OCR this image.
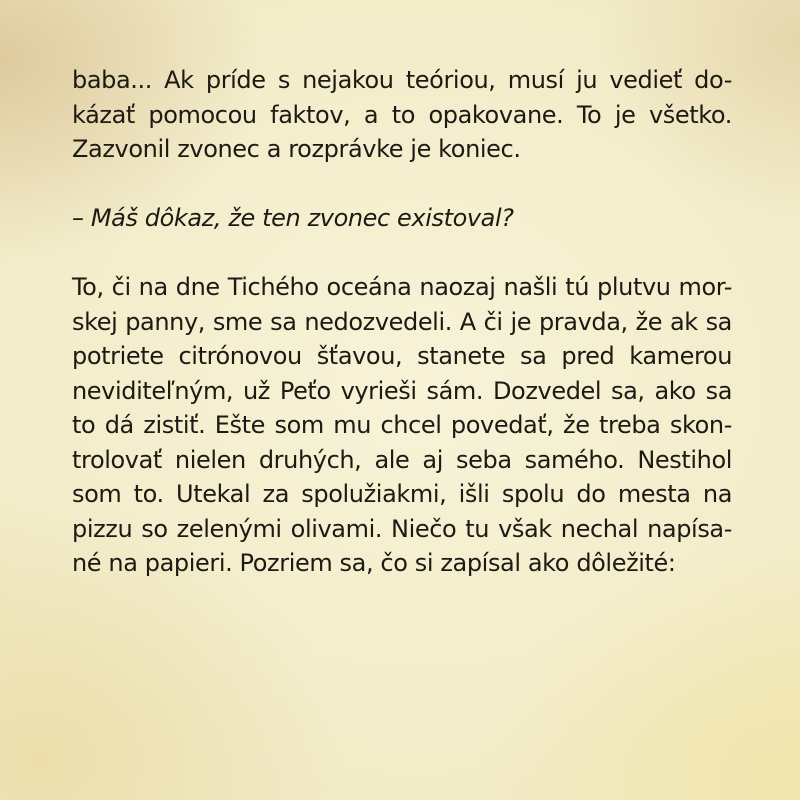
baba... Ak príde s nejakou teóriou, musí ju vedieť do-
kázať pomocou faktov, a to opakovane. To je všetko.
Zazvonil zvonec a rozprávke je koniec.
– Máš dôkaz, že ten zvonec existoval?
To, či na dne Tichého oceána naozaj našli tú plutvu mor-
skej panny, sme sa nedozvedeli. A či je pravda, že ak sa
potriete citrónovou šťavou, stanete sa pred kamerou
neviditeľným, už Peťo vyrieši sám. Dozvedel sa, ako sa
to dá zistiť. Ešte som mu chcel povedať, že treba skon-
trolovať nielen druhých, ale aj seba samého. Nestihol
som to. Utekal za spolužiakmi, išli spolu do mesta na
pizzu so zelenými olivami. Niečo tu však nechal napísa-
né na papieri. Pozriem sa, čo si zapísal ako dôležité:
